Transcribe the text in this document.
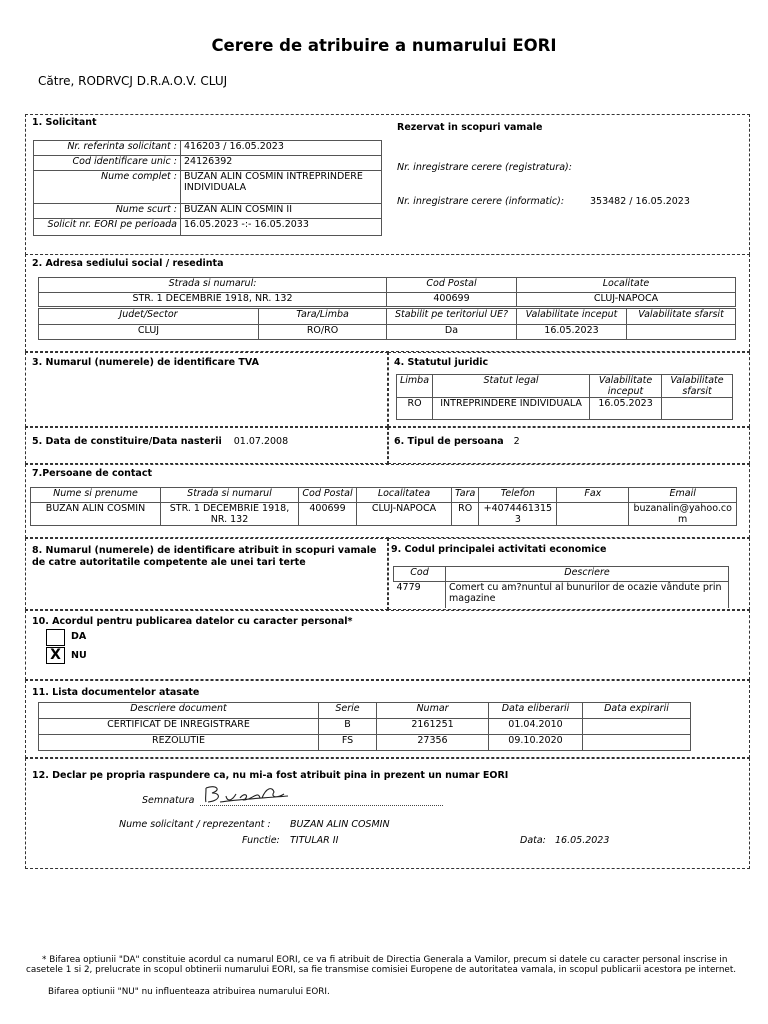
Cerere de atribuire a numarului EORI
Către, RODRVCJ D.R.A.O.V. CLUJ
1. Solicitant
Nr. referinta solicitant :	416203 / 16.05.2023
Cod identificare unic :	24126392
Nume complet :	BUZAN ALIN COSMIN INTREPRINDERE INDIVIDUALA
Nume scurt :	BUZAN ALIN COSMIN II
Solicit nr. EORI pe perioada	16.05.2023 -:- 16.05.2033
Rezervat in scopuri vamale
Nr. inregistrare cerere (registratura):
Nr. inregistrare cerere (informatic):	353482 / 16.05.2023
2. Adresa sediului social / resedinta
Strada si numarul:	Cod Postal	Localitate
STR. 1 DECEMBRIE 1918, NR. 132	400699	CLUJ-NAPOCA
Judet/Sector	Tara/Limba	Stabilit pe teritoriul UE?	Valabilitate inceput	Valabilitate sfarsit
CLUJ	RO/RO	Da	16.05.2023	
3. Numarul (numerele) de identificare TVA	4. Statutul juridic
Limba	Statut legal	Valabilitate inceput	Valabilitate sfarsit
RO	INTREPRINDERE INDIVIDUALA	16.05.2023	
5. Data de constituire/Data nasterii 01.07.2008	6. Tipul de persoana 2
7.Persoane de contact
Nume si prenume	Strada si numarul	Cod Postal	Localitatea	Tara	Telefon	Fax	Email
BUZAN ALIN COSMIN	STR. 1 DECEMBRIE 1918, NR. 132	400699	CLUJ-NAPOCA	RO	+40744613153		buzanalin@yahoo.com
8. Numarul (numerele) de identificare atribuit in scopuri vamale de catre autoritatile competente ale unei tari terte
9. Codul principalei activitati economice
Cod	Descriere
4779	Comert cu am?nuntul al bunurilor de ocazie vândute prin magazine
10. Acordul pentru publicarea datelor cu caracter personal*
DA
X	NU
11. Lista documentelor atasate
Descriere document	Serie	Numar	Data eliberarii	Data expirarii
CERTIFICAT DE INREGISTRARE	B	2161251	01.04.2010	
REZOLUTIE	FS	27356	09.10.2020	
12. Declar pe propria raspundere ca, nu mi-a fost atribuit pina in prezent un numar EORI
Semnatura
Nume solicitant / reprezentant : BUZAN ALIN COSMIN
Functie: TITULAR II	Data: 16.05.2023
* Bifarea optiunii "DA" constituie acordul ca numarul EORI, ce va fi atribuit de Directia Generala a Vamilor, precum si datele cu caracter personal inscrise in casetele 1 si 2, prelucrate in scopul obtinerii numarului EORI, sa fie transmise comisiei Europene de autoritatea vamala, in scopul publicarii acestora pe internet.
Bifarea optiunii "NU" nu influenteaza atribuirea numarului EORI.
